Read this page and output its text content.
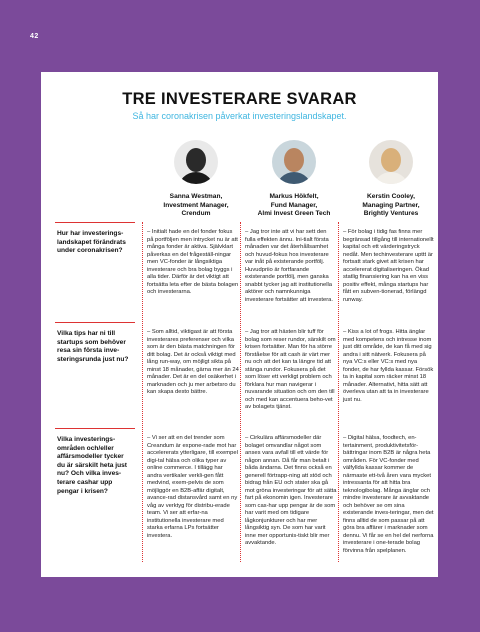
42
TRE INVESTERARE SVARAR
Så har coronakrisen påverkat investeringslandskapet.
Sanna Westman,
Investment Manager,
Crendum
Markus Hökfelt,
Fund Manager,
Almi Invest Green Tech
Kerstin Cooley,
Managing Partner,
Brightly Ventures
Hur har investerings-landskapet förändrats under coronakrisen?
– Initialt hade en del fonder fokus på portföljen men intrycket nu är att många fonder är aktiva. Självklart påverkas en del frågeställ-ningar men VC-fonder är långsiktiga investerare och bra bolag byggs i alla tider. Därför är det viktigt att fortsätta leta efter de bästa bolagen och investerarna.
– Jag tror inte att vi har sett den fulla effekten ännu. Ini-tialt första månaden var det återhållsamhet och huvud-fokus hos investerare var inåt på existerande portfölj. Huvudpriio är fortfarande existerande portfölj, men ganska snabbt tycker jag att institutionella aktörer och namnkunniga investerare fortsätter att investera.
– För bolag i tidig fas finns mer begränsad tillgång till internationellt kapital och ett värderingstryck nedåt. Men techinvesterare upttt är fortsatt stark givet att krisen har accelererat digitaliseringen. Ökad statlig finansiering kan ha en viss positiv effekt, många startups har fått en subven-tionerad, förlängd runway.
Vilka tips har ni till startups som behöver resa sin första inve-steringsrunda just nu?
– Som alltid, viktigast är att första investerares preferenser och vilka som är den bästa matchningen för ditt bolag. Det är också viktigt med lång run-way, om möjligt sikta på minst 18 månader, gärna mer än 24 månader. Det är en del osäkerhet i marknaden och ju mer arbetsro du kan skapa desto bättre.
– Jag tror att hästen blir tuff för bolag som reser rundor, särskilt om krisen fortsätter. Man för ha större förståelse för att cash är värt mer nu och att det kan ta längre tid att stänga rundor. Fokusera på det som löser ett verkligt problem och förklara hur man navigerar i nuvarande situation och om den till och med kan accentuera beho-vet av bolagets tjänst.
– Kiss a lot of frogs. Hitta änglar med kompetens och intresse inom just ditt område, de kan få med sig andra i sitt nätverk. Fokusera på nya VC:s eller VC:s med nya fonder, de har fyllda kassar. Försök ta in kapital som räcker minst 18 månader. Alternativt, hitta sätt att överleva utan att ta in investerare just nu.
Vilka investerings-områden och/eller affärsmodeller tycker du är särskilt heta just nu? Och vilka inves-terare cashar upp pengar i krisen?
– Vi ser att en del trender som Creandum är expone-rade mot har accelererats ytterligare, till exempel digi-tal hälsa och olika typer av online commerce. I tillägg har andra vertikaler verkli-gen fått medvind, exem-pelvis de som möjliggör en B2B-affär digitalt, avance-rad distansvård samt en ny våg av verktyg för distribu-erade team. Vi ser att erfar-na institutionella investerare med starka erfarna LPs fortsätter investera.
– Cirkulära affärsmodeller där bolaget omvandlar något som anses vara avfall till ett värde för någon annan. Då får man betalt i båda ändarna. Det finns också en generell förtrapp-ning att stöd och bidrag från EU och stater ska gå mot gröna investeringar för att sätta fart på ekonomin igen. Investerare som cas-har upp pengar är de som har varit med om tidigare lågkonjunkturer och har mer långsiktig syn. De som har varit inne mer opportunis-tiskt blir mer avvaktande.
– Digital hälsa, foodtech, en-tertainment, produktivitetsför-bättringar inom B2B är några heta områden. För VC-fonder med välfyllda kassar kommer de närmaste ett-två åren vara mycket intressanta för att hitta bra teknologibolag. Många änglar och mindre investerare är avvaktande och behöver se om sina existerande inves-teringar, men det finns alltid de som passar på att göra bra affärer i marknader som dennu. Vi får se en hel del nerforna investerare i one-terade bolag förvinna från spelplanen.
